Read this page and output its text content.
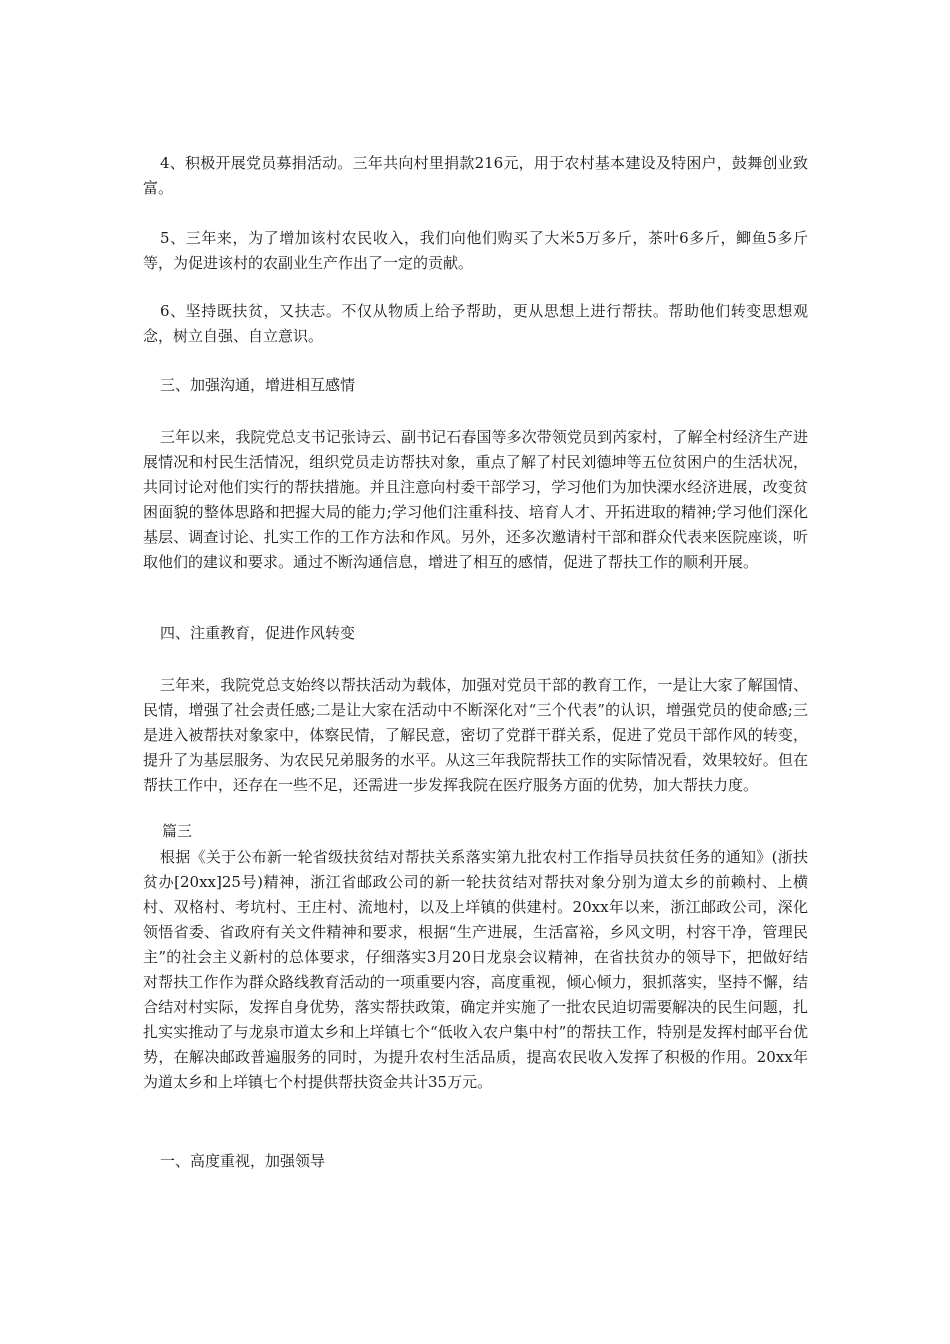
4、积极开展党员募捐活动。三年共向村里捐款216元，用于农村基本建设及特困户，鼓舞创业致富。

5、三年来，为了增加该村农民收入，我们向他们购买了大米5万多斤，茶叶6多斤，鲫鱼5多斤等，为促进该村的农副业生产作出了一定的贡献。

6、坚持既扶贫，又扶志。不仅从物质上给予帮助，更从思想上进行帮扶。帮助他们转变思想观念，树立自强、自立意识。

三、加强沟通，增进相互感情

三年以来，我院党总支书记张诗云、副书记石春国等多次带领党员到芮家村，了解全村经济生产进展情况和村民生活情况，组织党员走访帮扶对象，重点了解了村民刘德坤等五位贫困户的生活状况，共同讨论对他们实行的帮扶措施。并且注意向村委干部学习，学习他们为加快溧水经济进展，改变贫困面貌的整体思路和把握大局的能力;学习他们注重科技、培育人才、开拓进取的精神;学习他们深化基层、调查讨论、扎实工作的工作方法和作风。另外，还多次邀请村干部和群众代表来医院座谈，听取他们的建议和要求。通过不断沟通信息，增进了相互的感情，促进了帮扶工作的顺利开展。

四、注重教育，促进作风转变

三年来，我院党总支始终以帮扶活动为载体，加强对党员干部的教育工作，一是让大家了解国情、民情，增强了社会责任感;二是让大家在活动中不断深化对“三个代表”的认识，增强党员的使命感;三是进入被帮扶对象家中，体察民情，了解民意，密切了党群干群关系，促进了党员干部作风的转变，提升了为基层服务、为农民兄弟服务的水平。从这三年我院帮扶工作的实际情况看，效果较好。但在帮扶工作中，还存在一些不足，还需进一步发挥我院在医疗服务方面的优势，加大帮扶力度。

篇三

根据《关于公布新一轮省级扶贫结对帮扶关系落实第九批农村工作指导员扶贫任务的通知》(浙扶贫办[20xx]25号)精神，浙江省邮政公司的新一轮扶贫结对帮扶对象分别为道太乡的前赖村、上横村、双格村、考坑村、王庄村、流地村，以及上垟镇的供建村。20xx年以来，浙江邮政公司，深化领悟省委、省政府有关文件精神和要求，根据“生产进展，生活富裕，乡风文明，村容干净，管理民主”的社会主义新村的总体要求，仔细落实3月20日龙泉会议精神，在省扶贫办的领导下，把做好结对帮扶工作作为群众路线教育活动的一项重要内容，高度重视，倾心倾力，狠抓落实，坚持不懈，结合结对村实际，发挥自身优势，落实帮扶政策，确定并实施了一批农民迫切需要解决的民生问题，扎扎实实推动了与龙泉市道太乡和上垟镇七个“低收入农户集中村”的帮扶工作，特别是发挥村邮平台优势，在解决邮政普遍服务的同时，为提升农村生活品质，提高农民收入发挥了积极的作用。20xx年为道太乡和上垟镇七个村提供帮扶资金共计35万元。

一、高度重视，加强领导
